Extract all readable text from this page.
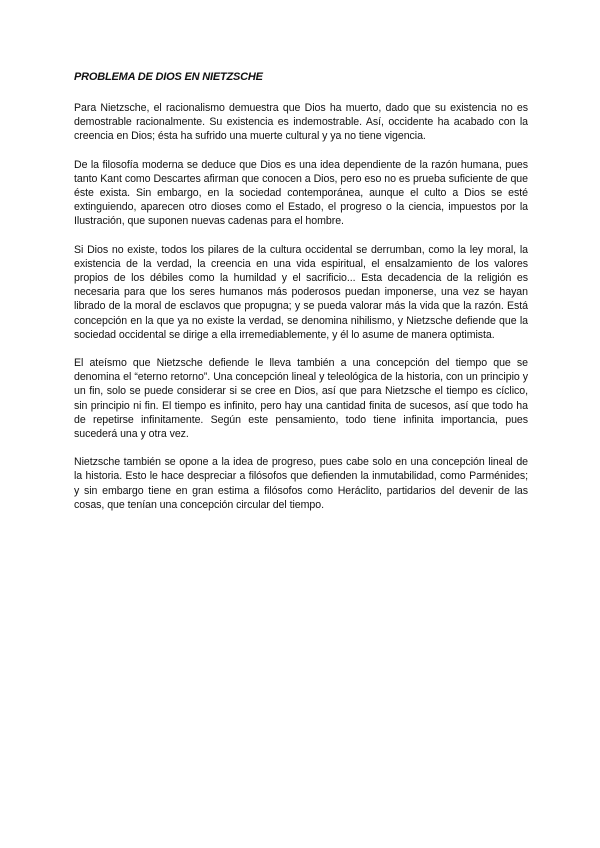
PROBLEMA DE DIOS EN NIETZSCHE

Para Nietzsche, el racionalismo demuestra que Dios ha muerto, dado que su existencia no es demostrable racionalmente. Su existencia es indemostrable. Así, occidente ha acabado con la creencia en Dios; ésta ha sufrido una muerte cultural y ya no tiene vigencia.

De la filosofía moderna se deduce que Dios es una idea dependiente de la razón humana, pues tanto Kant como Descartes afirman que conocen a Dios, pero eso no es prueba suficiente de que éste exista. Sin embargo, en la sociedad contemporánea, aunque el culto a Dios se esté extinguiendo, aparecen otro dioses como el Estado, el progreso o la ciencia, impuestos por la Ilustración, que suponen nuevas cadenas para el hombre.

Si Dios no existe, todos los pilares de la cultura occidental se derrumban, como la ley moral, la existencia de la verdad, la creencia en una vida espiritual, el ensalzamiento de los valores propios de los débiles como la humildad y el sacrificio... Esta decadencia de la religión es necesaria para que los seres humanos más poderosos puedan imponerse, una vez se hayan librado de la moral de esclavos que propugna; y se pueda valorar más la vida que la razón. Está concepción en la que ya no existe la verdad, se denomina nihilismo, y Nietzsche defiende que la sociedad occidental se dirige a ella irremediablemente, y él lo asume de manera optimista.

El ateísmo que Nietzsche defiende le lleva también a una concepción del tiempo que se denomina el “eterno retorno”. Una concepción lineal y teleológica de la historia, con un principio y un fin, solo se puede considerar si se cree en Dios, así que para Nietzsche el tiempo es cíclico, sin principio ni fin. El tiempo es infinito, pero hay una cantidad finita de sucesos, así que todo ha de repetirse infinitamente. Según este pensamiento, todo tiene infinita importancia, pues sucederá una y otra vez.

Nietzsche también se opone a la idea de progreso, pues cabe solo en una concepción lineal de la historia. Esto le hace despreciar a filósofos que defienden la inmutabilidad, como Parménides; y sin embargo tiene en gran estima a filósofos como Heráclito, partidarios del devenir de las cosas, que tenían una concepción circular del tiempo.
